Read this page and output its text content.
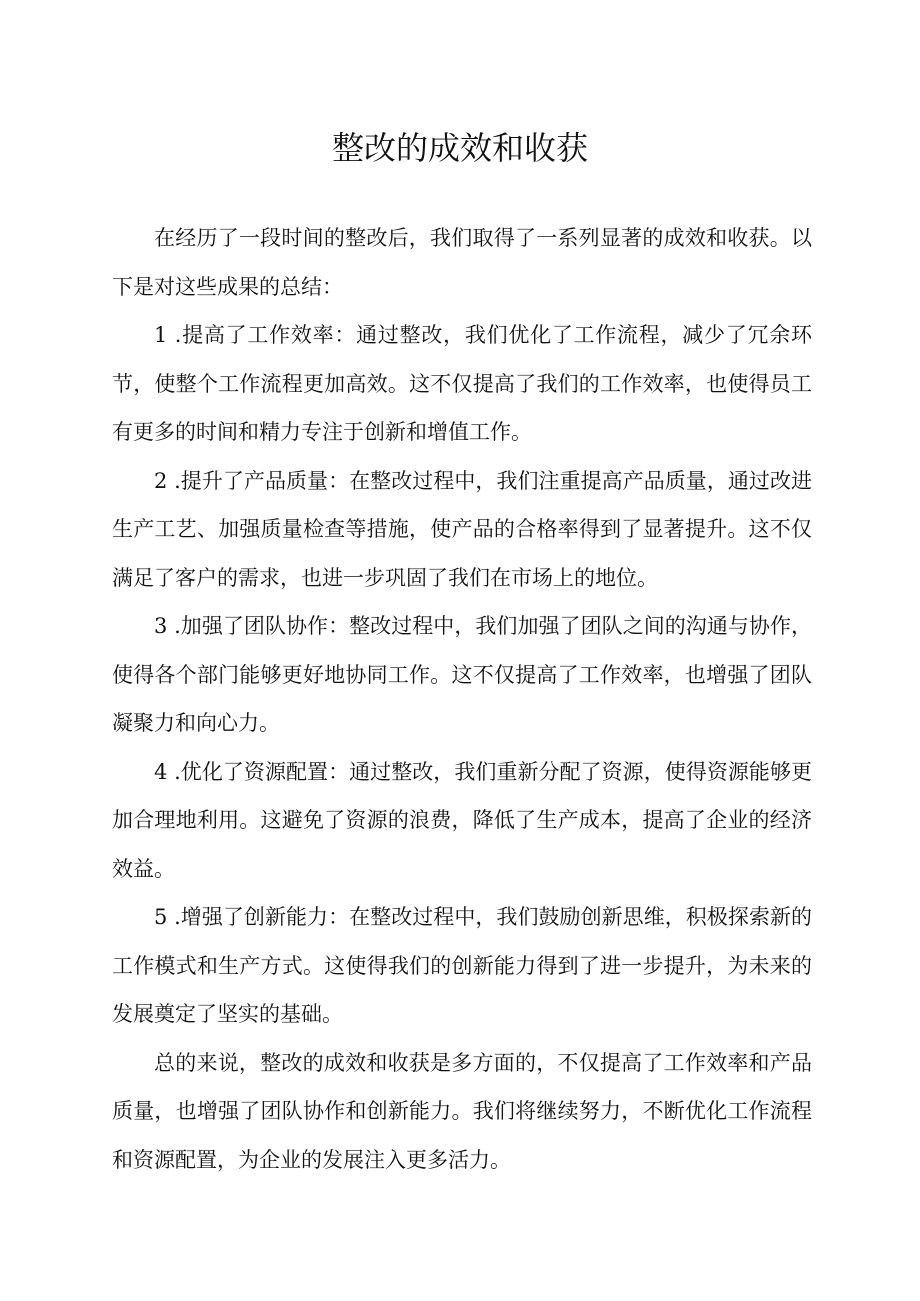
整改的成效和收获

在经历了一段时间的整改后，我们取得了一系列显著的成效和收获。以下是对这些成果的总结：

1 .提高了工作效率：通过整改，我们优化了工作流程，减少了冗余环节，使整个工作流程更加高效。这不仅提高了我们的工作效率，也使得员工有更多的时间和精力专注于创新和增值工作。

2 .提升了产品质量：在整改过程中，我们注重提高产品质量，通过改进生产工艺、加强质量检查等措施，使产品的合格率得到了显著提升。这不仅满足了客户的需求，也进一步巩固了我们在市场上的地位。

3 .加强了团队协作：整改过程中，我们加强了团队之间的沟通与协作，使得各个部门能够更好地协同工作。这不仅提高了工作效率，也增强了团队凝聚力和向心力。

4 .优化了资源配置：通过整改，我们重新分配了资源，使得资源能够更加合理地利用。这避免了资源的浪费，降低了生产成本，提高了企业的经济效益。

5 .增强了创新能力：在整改过程中，我们鼓励创新思维，积极探索新的工作模式和生产方式。这使得我们的创新能力得到了进一步提升，为未来的发展奠定了坚实的基础。

总的来说，整改的成效和收获是多方面的，不仅提高了工作效率和产品质量，也增强了团队协作和创新能力。我们将继续努力，不断优化工作流程和资源配置，为企业的发展注入更多活力。
